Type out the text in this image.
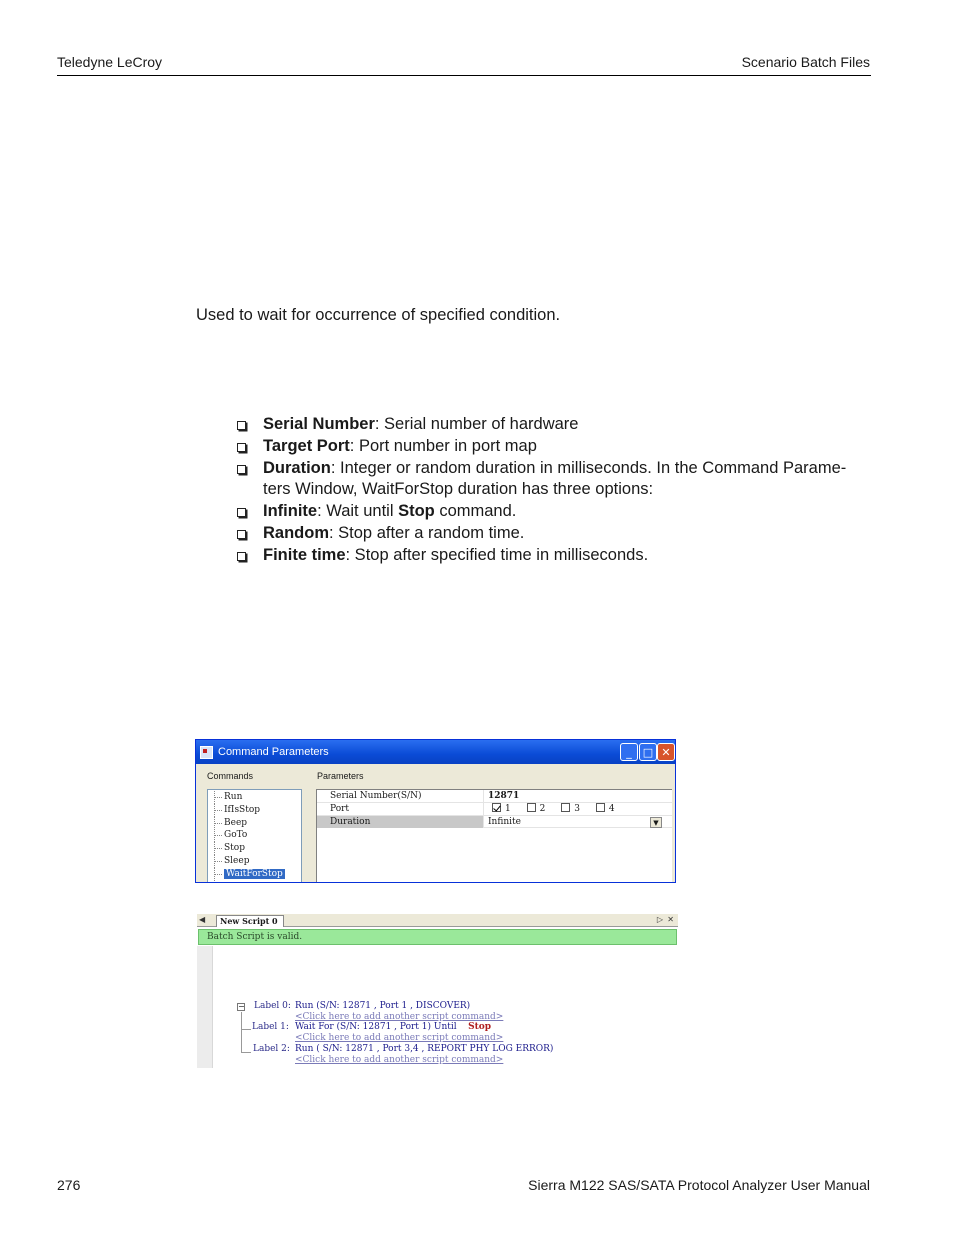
Teledyne LeCroy	Scenario Batch Files

Used to wait for occurrence of specified condition.

Serial Number: Serial number of hardware
Target Port: Port number in port map
Duration: Integer or random duration in milliseconds. In the Command Parame-ters Window, WaitForStop duration has three options:
Infinite: Wait until Stop command.
Random: Stop after a random time.
Finite time: Stop after specified time in milliseconds.
Command Parameters	_ □ ✕
Commands	Parameters
Run
IfIsStop
Beep
GoTo
Stop
Sleep
WaitForStop
Serial Number(S/N)	12871
Port	1	2	3	4
Duration	Infinite	▼
◀	New Script 0	▷ ✕
Batch Script is valid.
− Label 0: Run (S/N: 12871 , Port 1 , DISCOVER)
<Click here to add another script command>
Label 1: Wait For (S/N: 12871 , Port 1) Until Stop
<Click here to add another script command>
Label 2: Run ( S/N: 12871 , Port 3,4 , REPORT PHY LOG ERROR)
<Click here to add another script command>
276	Sierra M122 SAS/SATA Protocol Analyzer User Manual
